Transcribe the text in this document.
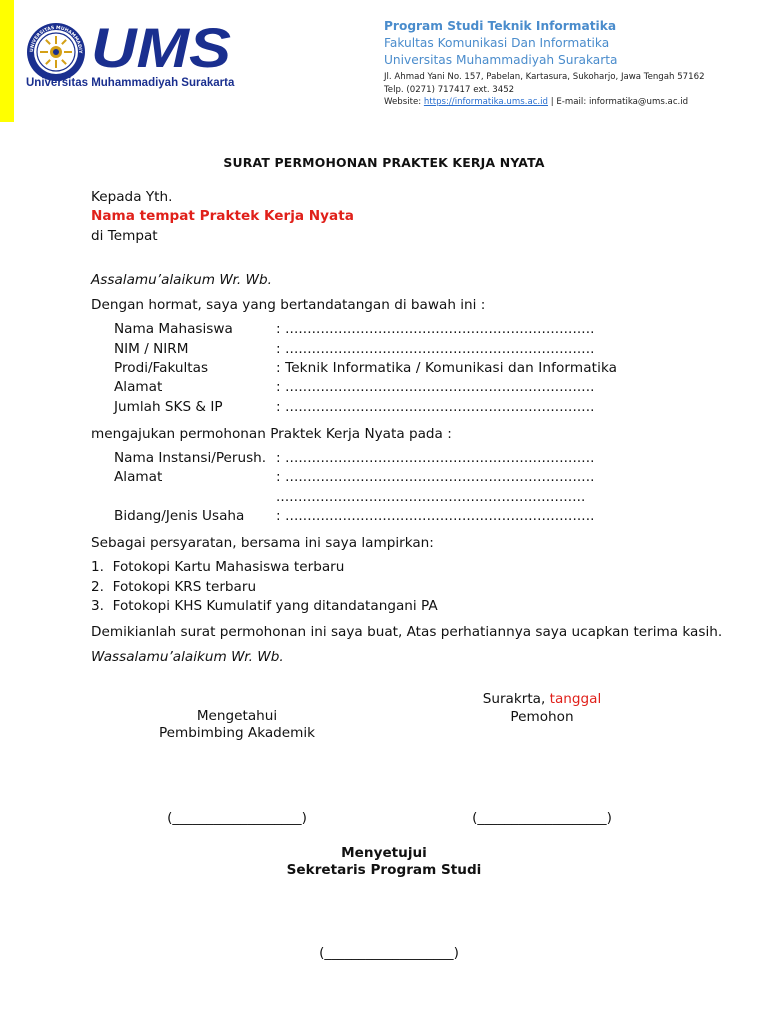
UNIVERSITAS MUHAMMADIY UMS
Universitas Muhammadiyah Surakarta
Program Studi Teknik Informatika
Fakultas Komunikasi Dan Informatika
Universitas Muhammadiyah Surakarta
Jl. Ahmad Yani No. 157, Pabelan, Kartasura, Sukoharjo, Jawa Tengah 57162
Telp. (0271) 717417 ext. 3452
Website: https://informatika.ums.ac.id | E-mail: informatika@ums.ac.id
SURAT PERMOHONAN PRAKTEK KERJA NYATA
Kepada Yth.
Nama tempat Praktek Kerja Nyata
di Tempat
Assalamu’alaikum Wr. Wb.
Dengan hormat, saya yang bertandatangan di bawah ini :
Nama Mahasiswa	: ......................................................................
NIM / NIRM	: ......................................................................
Prodi/Fakultas	: Teknik Informatika / Komunikasi dan Informatika
Alamat	: ......................................................................
Jumlah SKS & IP	: ......................................................................
mengajukan permohonan Praktek Kerja Nyata pada :
Nama Instansi/Perush. : ......................................................................
Alamat	: ......................................................................
......................................................................
Bidang/Jenis Usaha : ......................................................................
Sebagai persyaratan, bersama ini saya lampirkan:
1.  Fotokopi Kartu Mahasiswa terbaru
2.  Fotokopi KRS terbaru
3.  Fotokopi KHS Kumulatif yang ditandatangani PA
Demikianlah surat permohonan ini saya buat, Atas perhatiannya saya ucapkan terima kasih.
Wassalamu’alaikum Wr. Wb.
Surakrta, tanggal
Pemohon
Mengetahui
Pembimbing Akademik
(___________________)	(___________________)
Menyetujui
Sekretaris Program Studi
(___________________)
